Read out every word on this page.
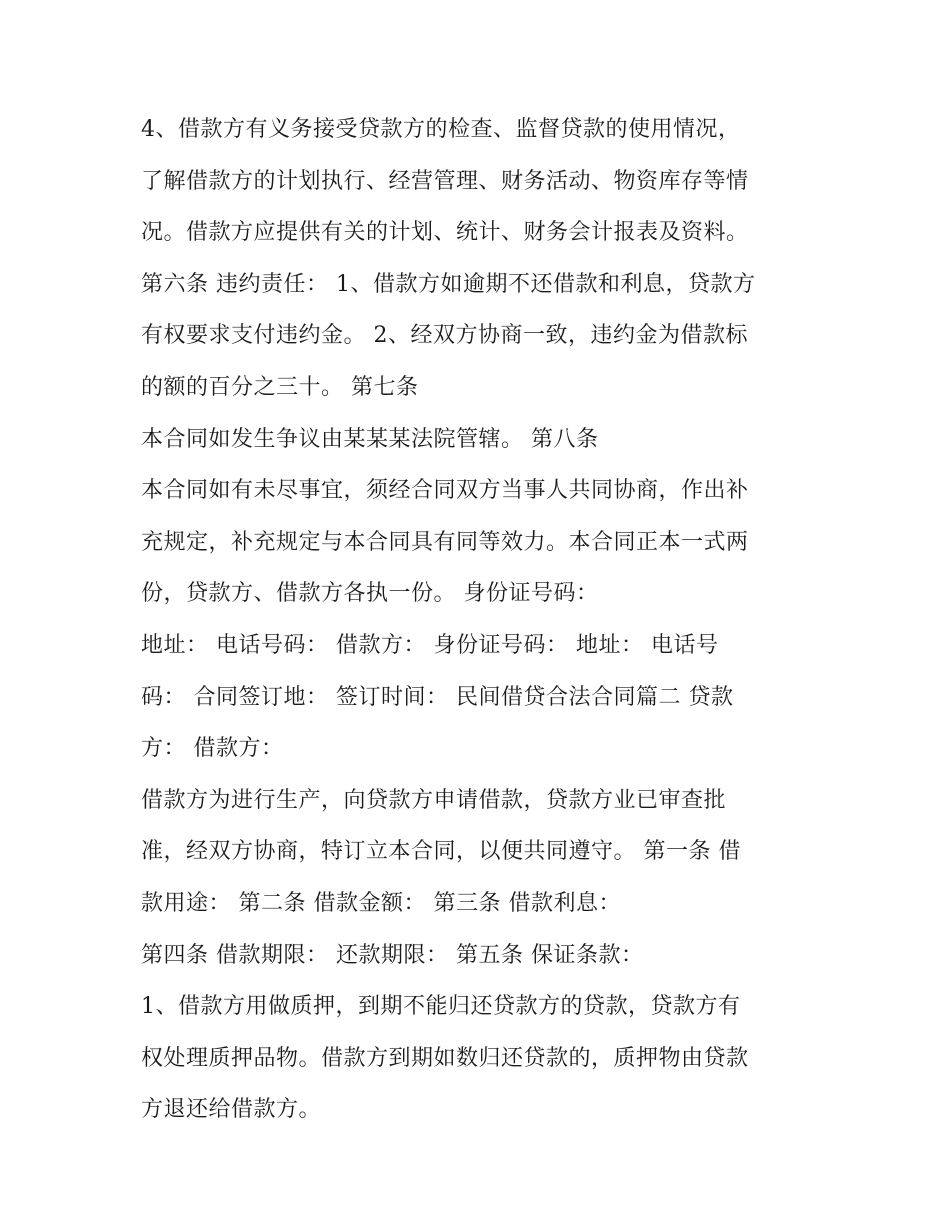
4、借款方有义务接受贷款方的检查、监督贷款的使用情况，
了解借款方的计划执行、经营管理、财务活动、物资库存等情
况。借款方应提供有关的计划、统计、财务会计报表及资料。
第六条 违约责任： 1、借款方如逾期不还借款和利息，贷款方
有权要求支付违约金。 2、经双方协商一致，违约金为借款标
的额的百分之三十。 第七条
本合同如发生争议由某某某法院管辖。 第八条
本合同如有未尽事宜，须经合同双方当事人共同协商，作出补
充规定，补充规定与本合同具有同等效力。本合同正本一式两
份，贷款方、借款方各执一份。 身份证号码：
地址： 电话号码： 借款方： 身份证号码： 地址： 电话号
码： 合同签订地： 签订时间： 民间借贷合法合同篇二 贷款
方： 借款方：
借款方为进行生产，向贷款方申请借款，贷款方业已审查批
准，经双方协商，特订立本合同，以便共同遵守。 第一条 借
款用途： 第二条 借款金额： 第三条 借款利息：
第四条 借款期限： 还款期限： 第五条 保证条款：
1、借款方用做质押，到期不能归还贷款方的贷款，贷款方有
权处理质押品物。借款方到期如数归还贷款的，质押物由贷款
方退还给借款方。
